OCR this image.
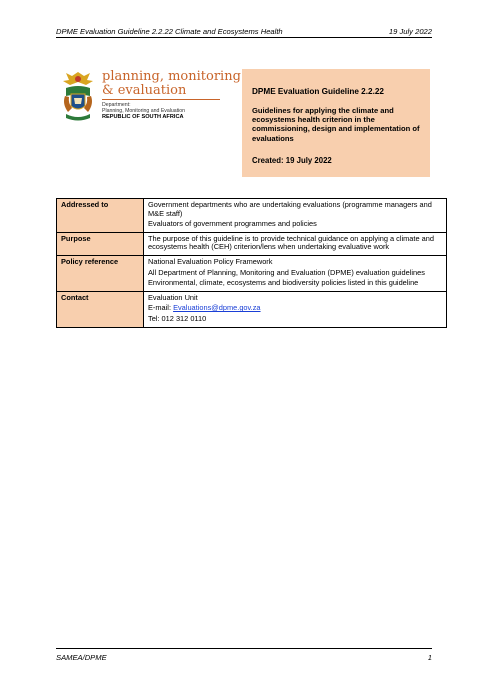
DPME Evaluation Guideline 2.2.22 Climate and Ecosystems Health	19 July 2022
planning, monitoring
& evaluation
Department:
Planning, Monitoring and Evaluation
REPUBLIC OF SOUTH AFRICA
DPME Evaluation Guideline 2.2.22
Guidelines for applying the climate and ecosystems health criterion in the commissioning, design and implementation of evaluations
Created: 19 July 2022
Addressed to	Government departments who are undertaking evaluations (programme managers and M&E staff)
Evaluators of government programmes and policies

Purpose	The purpose of this guideline is to provide technical guidance on applying a climate and ecosystems health (CEH) criterion/lens when undertaking evaluative work

Policy reference	National Evaluation Policy Framework
All Department of Planning, Monitoring and Evaluation (DPME) evaluation guidelines
Environmental, climate, ecosystems and biodiversity policies listed in this guideline

Contact	Evaluation Unit
E-mail: Evaluations@dpme.gov.za
Tel: 012 312 0110
SAMEA/DPME	1
